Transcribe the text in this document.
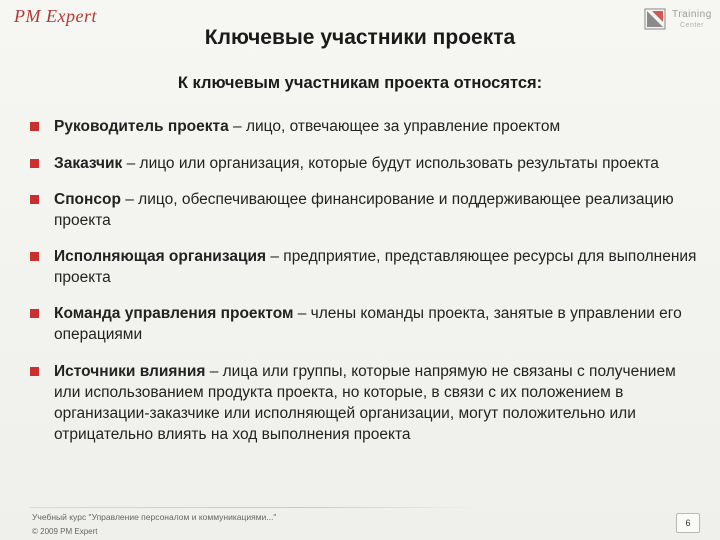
PM Expert	Training
Center
Ключевые участники проекта
К ключевым участникам проекта относятся:
Руководитель проекта – лицо, отвечающее за управление проектом
Заказчик – лицо или организация, которые будут использовать результаты проекта
Спонсор – лицо, обеспечивающее финансирование и поддерживающее реализацию проекта
Исполняющая организация – предприятие, представляющее ресурсы для выполнения проекта
Команда управления проектом – члены команды проекта, занятые в управлении его операциями
Источники влияния – лица или группы, которые напрямую не связаны с получением или использованием продукта проекта, но которые, в связи с их положением в организации-заказчике или исполняющей организации, могут положительно или отрицательно влиять на ход выполнения проекта
Учебный курс "Управление персоналом и коммуникациями..."
© 2009 PM Expert
6
